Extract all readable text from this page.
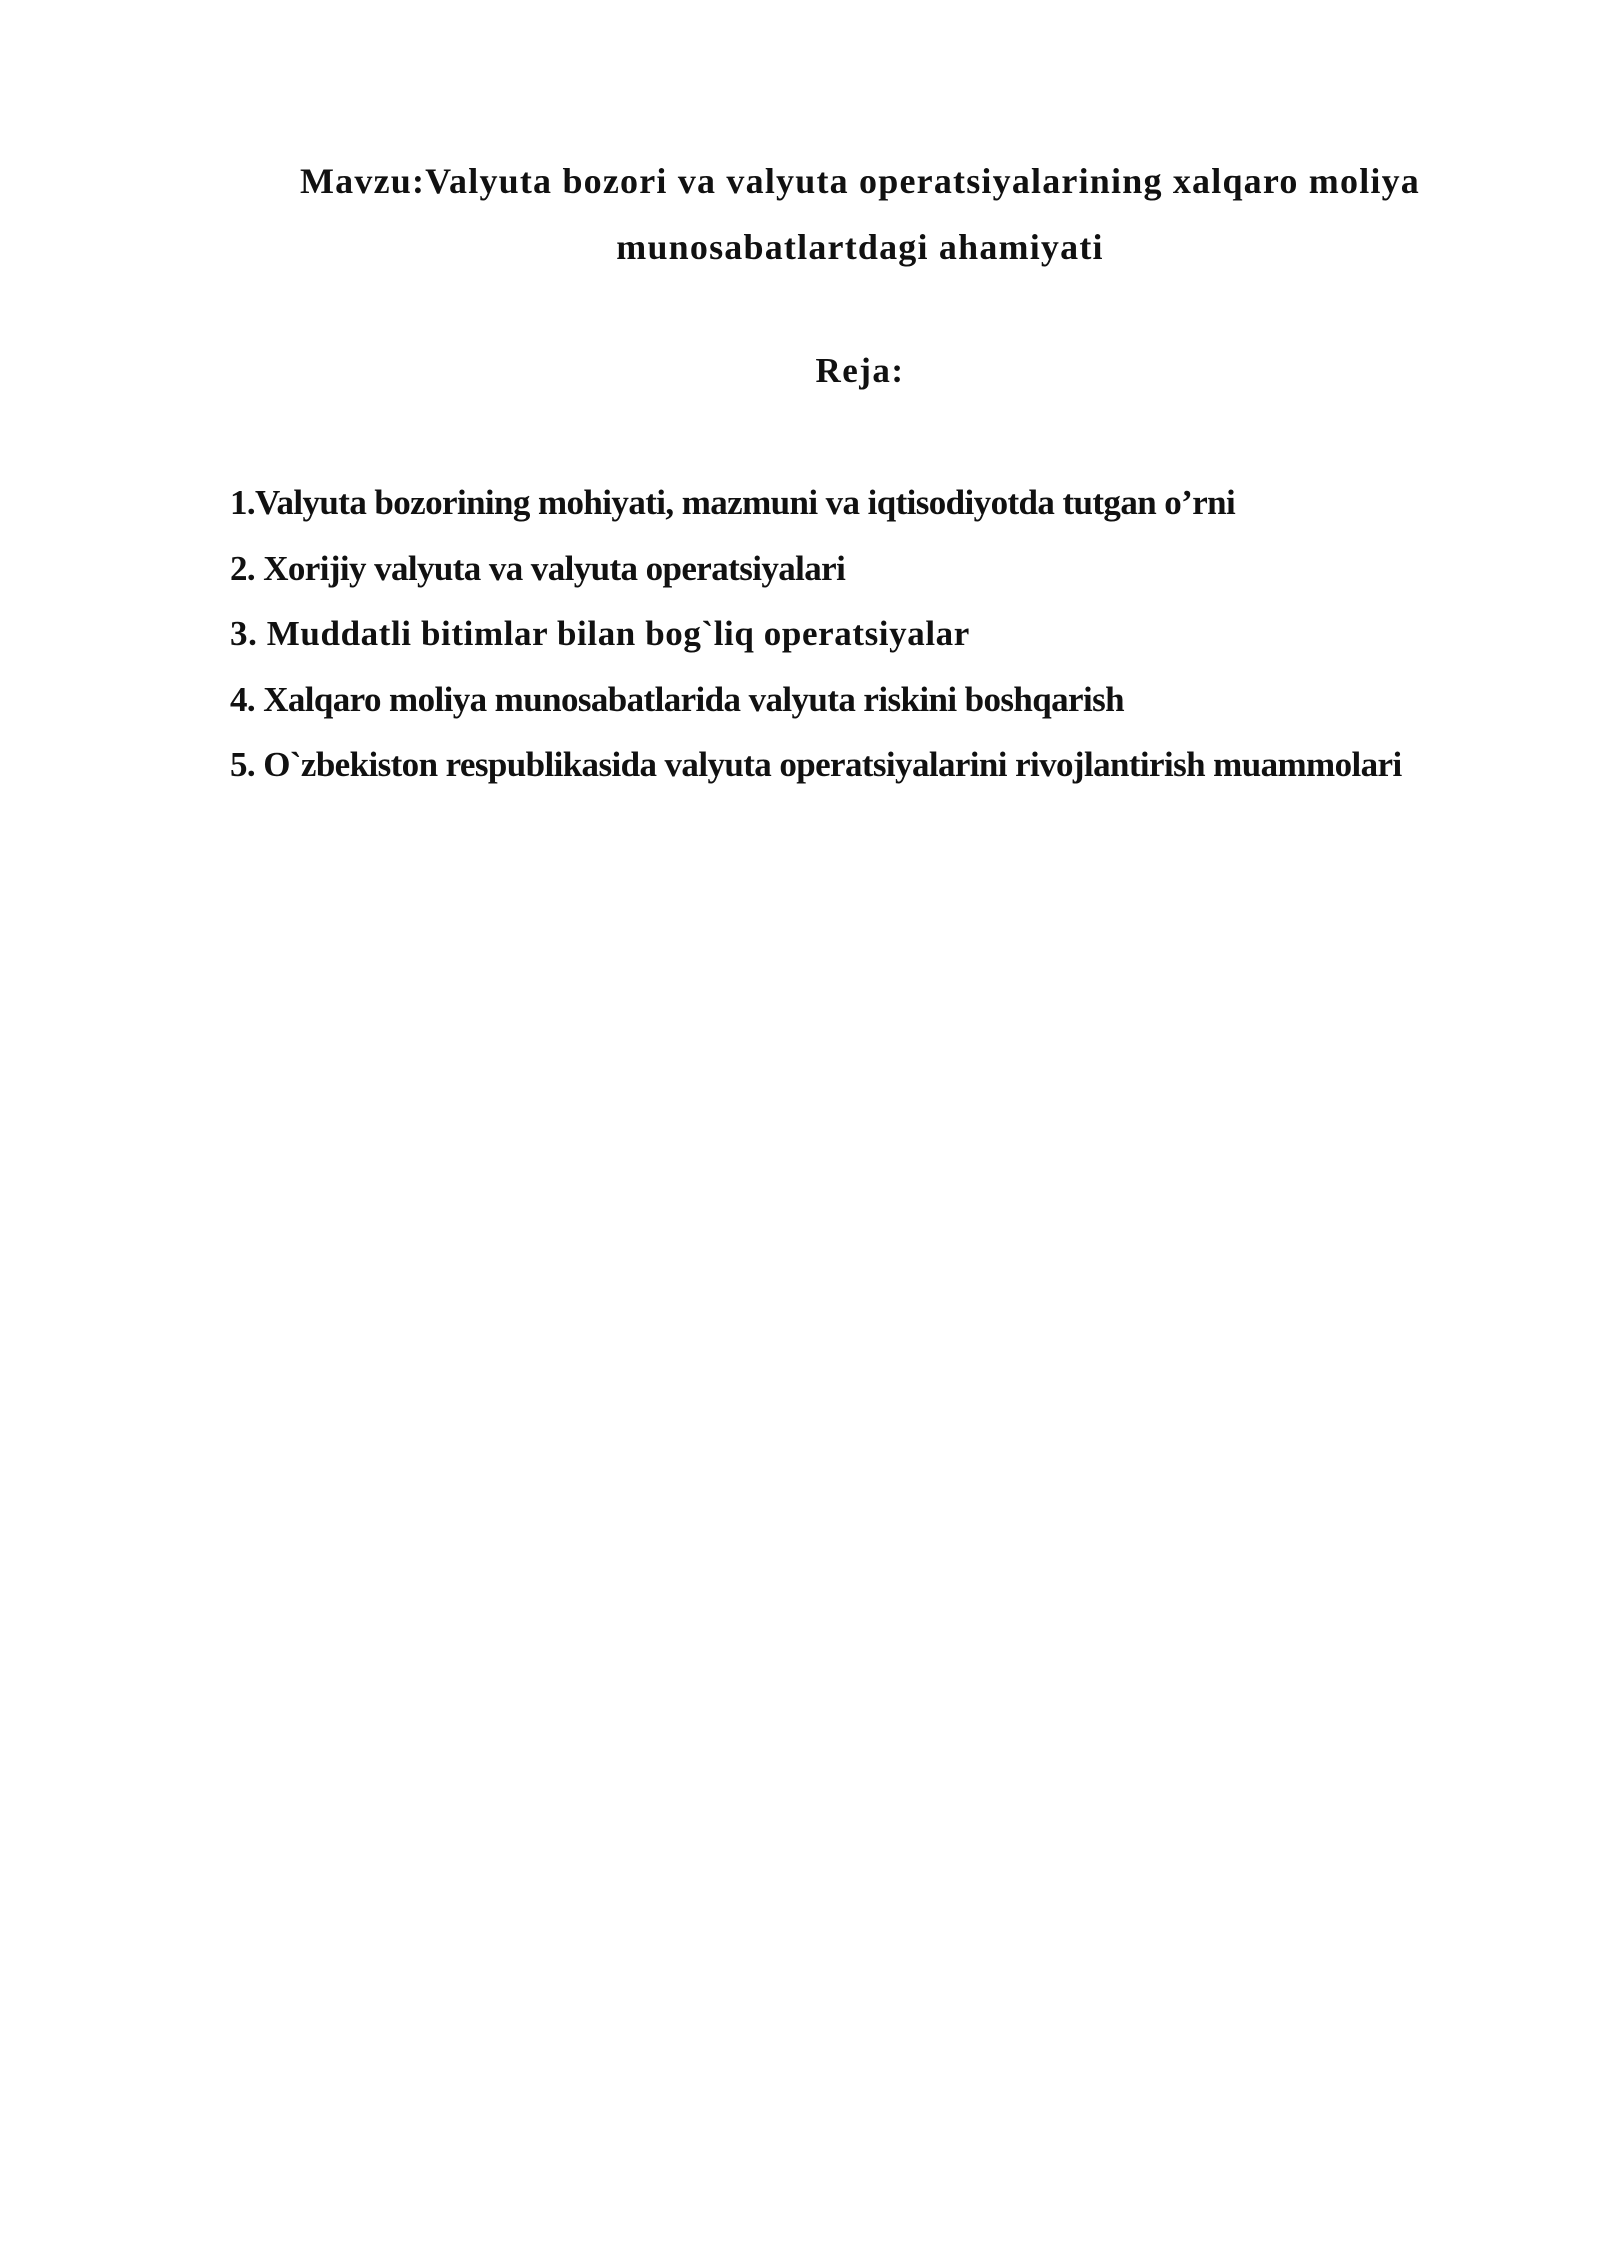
Mavzu:Valyuta bozori va valyuta operatsiyalarining xalqaro moliya munosabatlartdagi ahamiyati
Reja:
1.Valyuta bozorining mohiyati, mazmuni va iqtisodiyotda tutgan o’rni
2. Xorijiy valyuta va valyuta operatsiyalari
3. Muddatli bitimlar bilan bog`liq operatsiyalar
4. Xalqaro moliya munosabatlarida valyuta riskini boshqarish
5. O`zbekiston respublikasida valyuta operatsiyalarini rivojlantirish muammolari
